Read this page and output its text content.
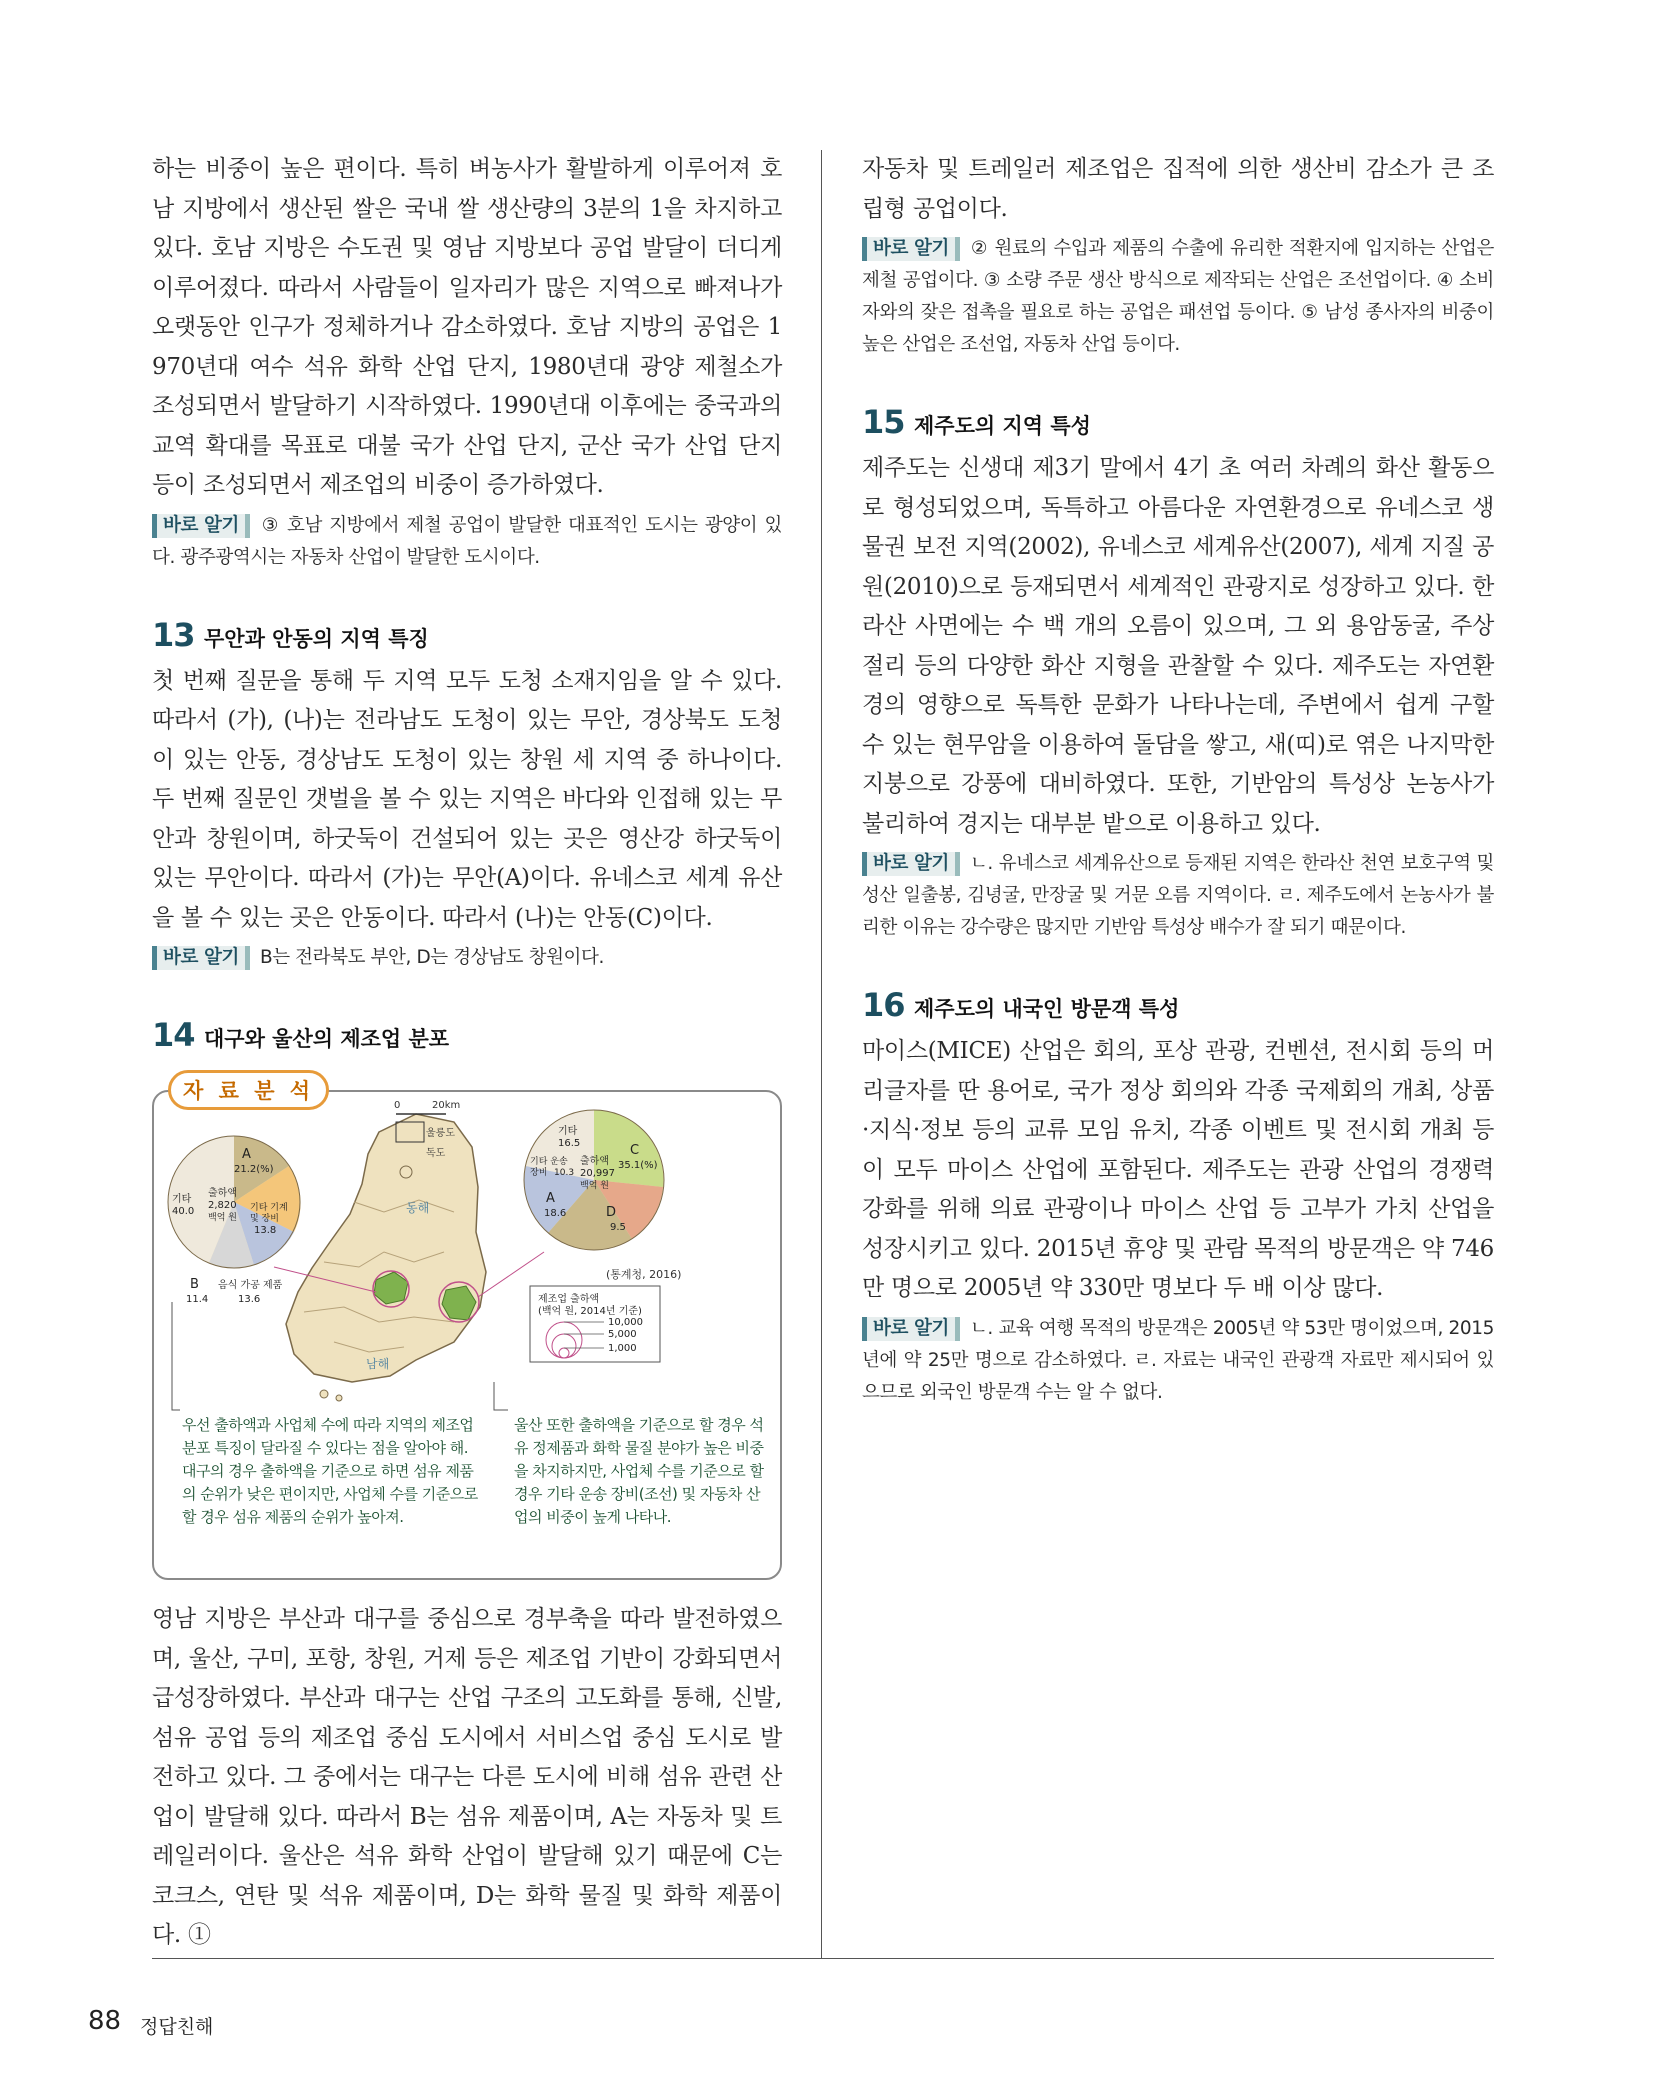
하는 비중이 높은 편이다. 특히 벼농사가 활발하게 이루어져 호남 지방에서 생산된 쌀은 국내 쌀 생산량의 3분의 1을 차지하고 있다. 호남 지방은 수도권 및 영남 지방보다 공업 발달이 더디게 이루어졌다. 따라서 사람들이 일자리가 많은 지역으로 빠져나가 오랫동안 인구가 정체하거나 감소하였다. 호남 지방의 공업은 1970년대 여수 석유 화학 산업 단지, 1980년대 광양 제철소가 조성되면서 발달하기 시작하였다. 1990년대 이후에는 중국과의 교역 확대를 목표로 대불 국가 산업 단지, 군산 국가 산업 단지 등이 조성되면서 제조업의 비중이 증가하였다.

바로 알기 ③ 호남 지방에서 제철 공업이 발달한 대표적인 도시는 광양이 있다. 광주광역시는 자동차 산업이 발달한 도시이다.

13 무안과 안동의 지역 특징

첫 번째 질문을 통해 두 지역 모두 도청 소재지임을 알 수 있다. 따라서 (가), (나)는 전라남도 도청이 있는 무안, 경상북도 도청이 있는 안동, 경상남도 도청이 있는 창원 세 지역 중 하나이다. 두 번째 질문인 갯벌을 볼 수 있는 지역은 바다와 인접해 있는 무안과 창원이며, 하굿둑이 건설되어 있는 곳은 영산강 하굿둑이 있는 무안이다. 따라서 (가)는 무안(A)이다. 유네스코 세계 유산을 볼 수 있는 곳은 안동이다. 따라서 (나)는 안동(C)이다.

바로 알기 B는 전라북도 부안, D는 경상남도 창원이다.

14 대구와 울산의 제조업 분포
자 료 분 석
0	20km
울릉도
독도
동해
남해
A
21.2(%)
기타
40.0
출하액
2,820
백억 원
기타 기계
및 장비
13.8
B
11.4
음식 가공 제품
13.6
기타
16.5	C
35.1(%)
기타 운송
장비 10.3
출하액
20,997
백억 원
A
18.6	D
9.5
(통계청, 2016)
제조업 출하액
(백억 원, 2014년 기준)
10,000
5,000
1,000

우선 출하액과 사업체 수에 따라 지역의 제조업 분포 특징이 달라질 수 있다는 점을 알아야 해. 대구의 경우 출하액을 기준으로 하면 섬유 제품의 순위가 낮은 편이지만, 사업체 수를 기준으로 할 경우 섬유 제품의 순위가 높아져.

울산 또한 출하액을 기준으로 할 경우 석유 정제품과 화학 물질 분야가 높은 비중을 차지하지만, 사업체 수를 기준으로 할 경우 기타 운송 장비(조선) 및 자동차 산업의 비중이 높게 나타나.

영남 지방은 부산과 대구를 중심으로 경부축을 따라 발전하였으며, 울산, 구미, 포항, 창원, 거제 등은 제조업 기반이 강화되면서 급성장하였다. 부산과 대구는 산업 구조의 고도화를 통해, 신발, 섬유 공업 등의 제조업 중심 도시에서 서비스업 중심 도시로 발전하고 있다. 그 중에서는 대구는 다른 도시에 비해 섬유 관련 산업이 발달해 있다. 따라서 B는 섬유 제품이며, A는 자동차 및 트레일러이다. 울산은 석유 화학 산업이 발달해 있기 때문에 C는 코크스, 연탄 및 석유 제품이며, D는 화학 물질 및 화학 제품이다. ①

자동차 및 트레일러 제조업은 집적에 의한 생산비 감소가 큰 조립형 공업이다.

바로 알기 ② 원료의 수입과 제품의 수출에 유리한 적환지에 입지하는 산업은 제철 공업이다. ③ 소량 주문 생산 방식으로 제작되는 산업은 조선업이다. ④ 소비자와의 잦은 접촉을 필요로 하는 공업은 패션업 등이다. ⑤ 남성 종사자의 비중이 높은 산업은 조선업, 자동차 산업 등이다.

15 제주도의 지역 특성

제주도는 신생대 제3기 말에서 4기 초 여러 차례의 화산 활동으로 형성되었으며, 독특하고 아름다운 자연환경으로 유네스코 생물권 보전 지역(2002), 유네스코 세계유산(2007), 세계 지질 공원(2010)으로 등재되면서 세계적인 관광지로 성장하고 있다. 한라산 사면에는 수 백 개의 오름이 있으며, 그 외 용암동굴, 주상 절리 등의 다양한 화산 지형을 관찰할 수 있다. 제주도는 자연환경의 영향으로 독특한 문화가 나타나는데, 주변에서 쉽게 구할 수 있는 현무암을 이용하여 돌담을 쌓고, 새(띠)로 엮은 나지막한 지붕으로 강풍에 대비하였다. 또한, 기반암의 특성상 논농사가 불리하여 경지는 대부분 밭으로 이용하고 있다.

바로 알기 ㄴ. 유네스코 세계유산으로 등재된 지역은 한라산 천연 보호구역 및 성산 일출봉, 김녕굴, 만장굴 및 거문 오름 지역이다. ㄹ. 제주도에서 논농사가 불리한 이유는 강수량은 많지만 기반암 특성상 배수가 잘 되기 때문이다.

16 제주도의 내국인 방문객 특성

마이스(MICE) 산업은 회의, 포상 관광, 컨벤션, 전시회 등의 머리글자를 딴 용어로, 국가 정상 회의와 각종 국제회의 개최, 상품·지식·정보 등의 교류 모임 유치, 각종 이벤트 및 전시회 개최 등이 모두 마이스 산업에 포함된다. 제주도는 관광 산업의 경쟁력 강화를 위해 의료 관광이나 마이스 산업 등 고부가 가치 산업을 성장시키고 있다. 2015년 휴양 및 관람 목적의 방문객은 약 746만 명으로 2005년 약 330만 명보다 두 배 이상 많다.

바로 알기 ㄴ. 교육 여행 목적의 방문객은 2005년 약 53만 명이었으며, 2015년에 약 25만 명으로 감소하였다. ㄹ. 자료는 내국인 관광객 자료만 제시되어 있으므로 외국인 방문객 수는 알 수 없다.

88 정답친해
